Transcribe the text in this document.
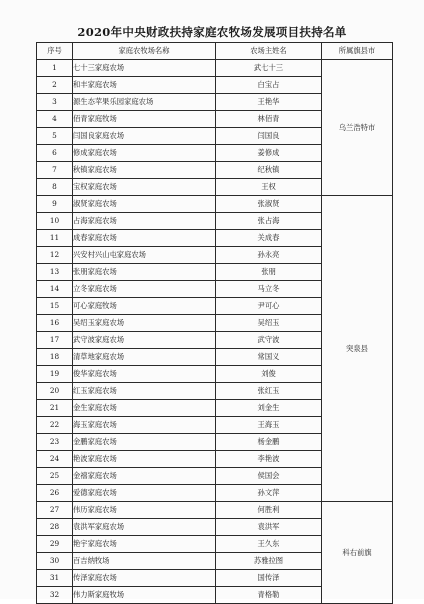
2020年中央财政扶持家庭农牧场发展项目扶持名单
序号	家庭农牧场名称	农场主姓名	所属旗县市
1	七十三家庭农场	武七十三	乌兰浩特市
2	和丰家庭农场	白宝占	
3	源生态苹果乐园家庭农场	王艳华	
4	佰青家庭牧场	林佰青	
5	闫国良家庭农场	闫国良	
6	修成家庭农场	姜修成	
7	秋镇家庭农场	纪秋镇	
8	宝权家庭农场	王权	
9	淑贤家庭农场	张淑贤	突泉县
10	占海家庭农场	张占海	
11	成春家庭农场	关成春	
12	兴安村兴山屯家庭农场	孙永亮	
13	张朋家庭农场	张朋	
14	立冬家庭农场	马立冬	
15	可心家庭牧场	尹可心	
16	吴绍玉家庭农场	吴绍玉	
17	武守波家庭农场	武守波	
18	清草地家庭农场	常国义	
19	俊华家庭农场	刘俊	
20	红玉家庭农场	张红玉	
21	金生家庭农场	刘金生	
22	海玉家庭农场	王海玉	
23	金鹏家庭农场	杨金鹏	
24	艳波家庭农场	李艳波	
25	金禧家庭农场	侯国会	
26	爱德家庭农场	孙文萍	
27	伟历家庭农场	何胜利	科右前旗
28	袁洪军家庭农场	袁洪军	
29	艳宇家庭农场	王久东	
30	百吉纳牧场	苏雅拉图	
31	传泽家庭农场	国传泽	
32	伟力斯家庭牧场	青格勒	
